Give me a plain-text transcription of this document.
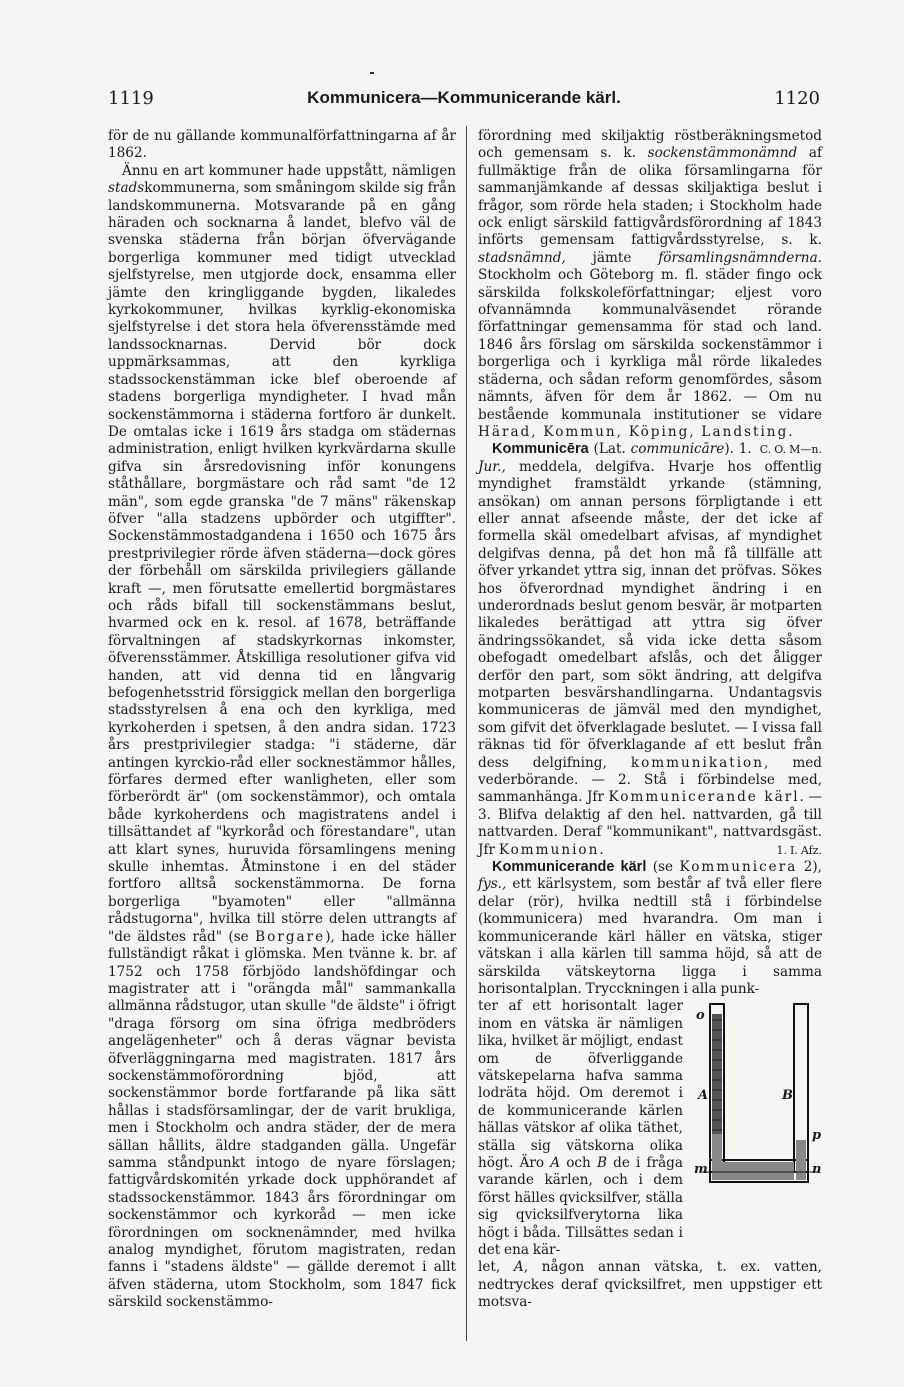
1119	Kommunicera—Kommunicerande kärl.	1120

för de nu gällande kommunalförfattningarna af år 1862.

Ännu en art kommuner hade uppstått, nämligen stadskommunerna, som småningom skilde sig från landskommunerna. Motsvarande på en gång häraden och socknarna å landet, blefvo väl de svenska städerna från början öfvervägande borgerliga kommuner med tidigt utvecklad sjelfstyrelse, men utgjorde dock, ensamma eller jämte den kringliggande bygden, likaledes kyrkokommuner, hvilkas kyrklig-ekonomiska sjelfstyrelse i det stora hela öfverensstämde med landssocknarnas. Dervid bör dock uppmärksammas, att den kyrkliga stadssockenstämman icke blef oberoende af stadens borgerliga myndigheter. I hvad mån sockenstämmorna i städerna fortforo är dunkelt. De omtalas icke i 1619 års stadga om städernas administration, enligt hvilken kyrkvärdarna skulle gifva sin årsredovisning inför konungens ståthållare, borgmästare och råd samt "de 12 män", som egde granska "de 7 mäns" räkenskap öfver "alla stadzens upbörder och utgiffter". Sockenstämmostadgandena i 1650 och 1675 års prestprivilegier rörde äfven städerna—dock göres der förbehåll om särskilda privilegiers gällande kraft —, men förutsatte emellertid borgmästares och råds bifall till sockenstämmans beslut, hvarmed ock en k. resol. af 1678, beträffande förvaltningen af stadskyrkornas inkomster, öfverensstämmer. Åtskilliga resolutioner gifva vid handen, att vid denna tid en långvarig befogenhetsstrid försiggick mellan den borgerliga stadsstyrelsen å ena och den kyrkliga, med kyrkoherden i spetsen, å den andra sidan. 1723 års prestprivilegier stadga: "i städerne, där antingen kyrckio-råd eller socknestämmor hålles, förfares dermed efter wanligheten, eller som förberördt är" (om sockenstämmor), och omtala både kyrkoherdens och magistratens andel i tillsättandet af "kyrkoråd och förestandare", utan att klart synes, huruvida församlingens mening skulle inhemtas. Åtminstone i en del städer fortforo alltså sockenstämmorna. De forna borgerliga "byamoten" eller "allmänna rådstugorna", hvilka till större delen uttrangts af "de äldstes råd" (se Borgare), hade icke häller fullständigt råkat i glömska. Men tvänne k. br. af 1752 och 1758 förbjödo landshöfdingar och magistrater att i "orängda mål" sammankalla allmänna rådstugor, utan skulle "de äldste" i öfrigt "draga försorg om sina öfriga medbröders angelägenheter" och å deras vägnar bevista öfverläggningarna med magistraten. 1817 års sockenstämmoförordning bjöd, att sockenstämmor borde fortfarande på lika sätt hållas i stadsförsamlingar, der de varit brukliga, men i Stockholm och andra städer, der de mera sällan hållits, äldre stadganden gälla. Ungefär samma ståndpunkt intogo de nyare förslagen; fattigvårdskomitén yrkade dock upphörandet af stadssockenstämmor. 1843 års förordningar om sockenstämmor och kyrkoråd — men icke förordningen om socknenämnder, med hvilka analog myndighet, förutom magistraten, redan fanns i "stadens äldste" — gällde deremot i allt äfven städerna, utom Stockholm, som 1847 fick särskild sockenstämmo-

förordning med skiljaktig röstberäkningsmetod och gemensam s. k. sockenstämmonämnd af fullmäktige från de olika församlingarna för sammanjämkande af dessas skiljaktiga beslut i frågor, som rörde hela staden; i Stockholm hade ock enligt särskild fattigvårdsförordning af 1843 införts gemensam fattigvårdsstyrelse, s. k. stadsnämnd, jämte församlingsnämnderna. Stockholm och Göteborg m. fl. städer fingo ock särskilda folkskoleförfattningar; eljest voro ofvannämnda kommunalväsendet rörande författningar gemensamma för stad och land. 1846 års förslag om särskilda sockenstämmor i borgerliga och i kyrkliga mål rörde likaledes städerna, och sådan reform genomfördes, såsom nämnts, äfven för dem år 1862. — Om nu bestående kommunala institutioner se vidare Härad, Kommun, Köping, Landsting.
C. O. M—n.

Kommunicēra (Lat. communicāre). 1. Jur., meddela, delgifva. Hvarje hos offentlig myndighet framstäldt yrkande (stämning, ansökan) om annan persons förpligtande i ett eller annat afseende måste, der det icke af formella skäl omedelbart afvisas, af myndighet delgifvas denna, på det hon må få tillfälle att öfver yrkandet yttra sig, innan det pröfvas. Sökes hos öfverordnad myndighet ändring i en underordnads beslut genom besvär, är motparten likaledes berättigad att yttra sig öfver ändringssökandet, så vida icke detta såsom obefogadt omedelbart afslås, och det åligger derför den part, som sökt ändring, att delgifva motparten besvärshandlingarna. Undantagsvis kommuniceras de jämväl med den myndighet, som gifvit det öfverklagade beslutet. — I vissa fall räknas tid för öfverklagande af ett beslut från dess delgifning, kommunikation, med vederbörande. — 2. Stå i förbindelse med, sammanhänga. Jfr Kommunicerande kärl. — 3. Blifva delaktig af den hel. nattvarden, gå till nattvarden. Deraf "kommunikant", nattvardsgäst. Jfr Kommunion.	1. I. Afz.

Kommunicerande kärl (se Kommunicera 2), fys., ett kärlsystem, som består af två eller flere delar (rör), hvilka nedtill stå i förbindelse (kommunicera) med hvarandra. Om man i kommunicerande kärl häller en vätska, stiger vätskan i alla kärlen till samma höjd, så att de särskilda vätskeytorna ligga i samma horisontalplan. Trycckningen i alla punk-

ter af ett horisontalt lager inom en vätska är nämligen lika, hvilket är möjligt, endast om de öfverliggande vätskepelarna hafva samma lodräta höjd. Om deremot i de kommunicerande kärlen hällas vätskor af olika täthet, ställa sig vätskorna olika högt. Äro A och B de i fråga varande kärlen, och i dem först hälles qvicksilfver, ställa sig qvicksilfverytorna lika högt i båda. Tillsättes sedan i det ena kär-

let, A, någon annan vätska, t. ex. vatten, nedtryckes deraf qvicksilfret, men uppstiger ett motsva-

o
A	B
p
m	n
